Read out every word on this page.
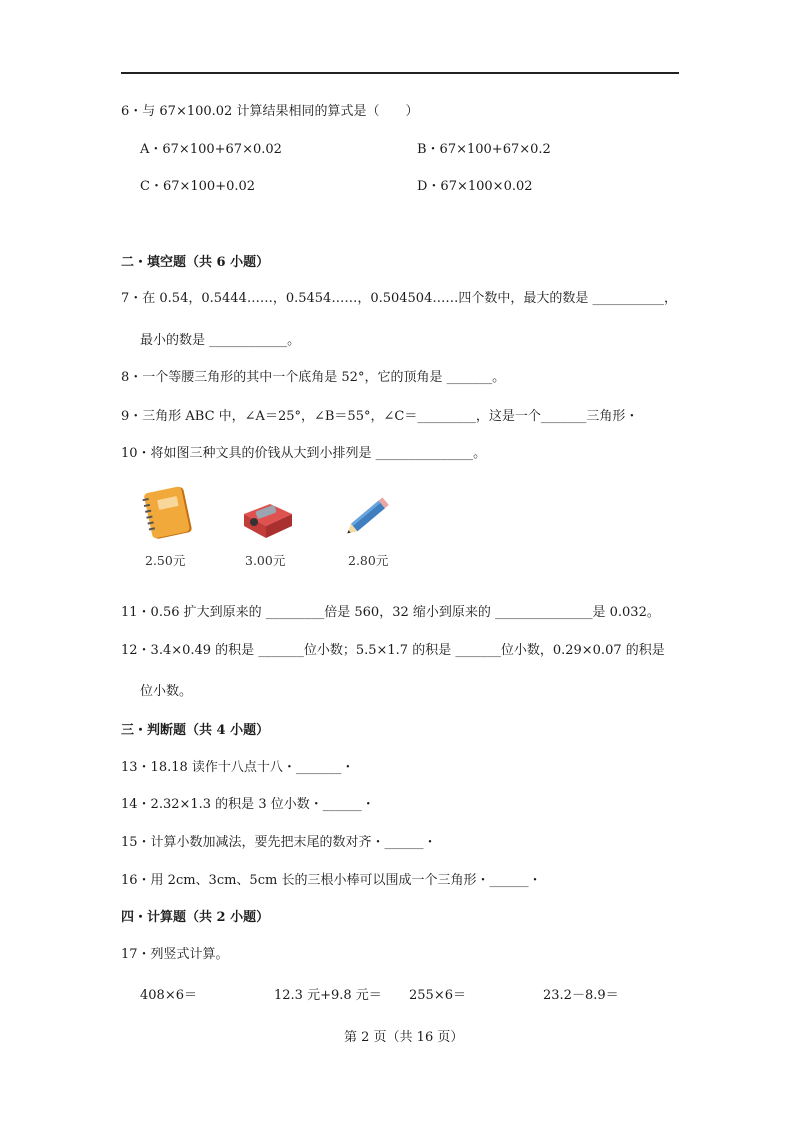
6・与 67×100.02 计算结果相同的算式是（　　）
A・67×100+67×0.02	B・67×100+67×0.2
C・67×100+0.02	D・67×100×0.02
二・填空题（共 6 小题）
7・在 0.54，0.5444……，0.5454……，0.504504……四个数中，最大的数是 ___________，
最小的数是 ____________。
8・一个等腰三角形的其中一个底角是 52°，它的顶角是 _______。
9・三角形 ABC 中，∠A＝25°，∠B＝55°，∠C＝_________，这是一个_______三角形・
10・将如图三种文具的价钱从大到小排列是 _______________。
2.50元	3.00元	2.80元
11・0.56 扩大到原来的 _________倍是 560，32 缩小到原来的 _______________是 0.032。
12・3.4×0.49 的积是 _______位小数；5.5×1.7 的积是 _______位小数，0.29×0.07 的积是
位小数。
三・判断题（共 4 小题）
13・18.18 读作十八点十八・_______・
14・2.32×1.3 的积是 3 位小数・______・
15・计算小数加减法，要先把末尾的数对齐・______・
16・用 2cm、3cm、5cm 长的三根小棒可以围成一个三角形・______・
四・计算题（共 2 小题）
17・列竖式计算。
408×6＝	12.3 元+9.8 元＝ 255×6＝	23.2－8.9＝
第 2 页（共 16 页）
